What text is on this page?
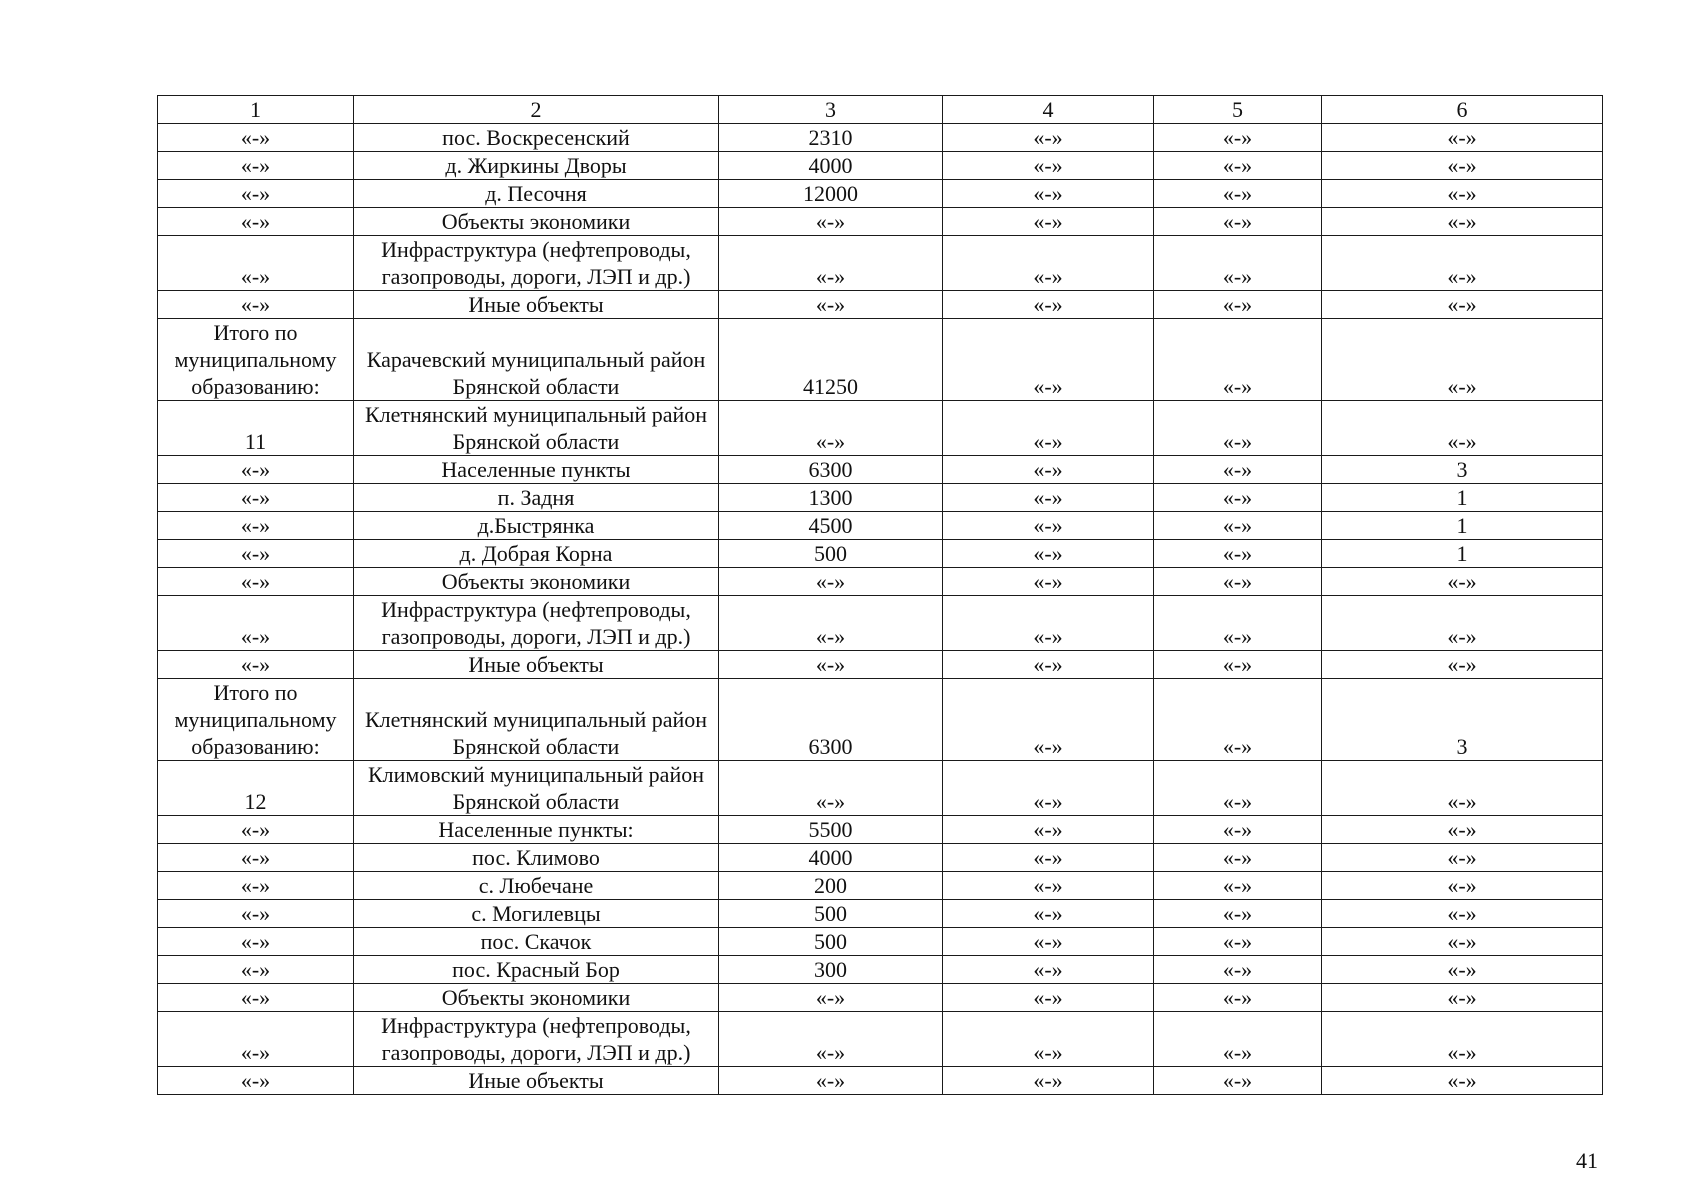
1	2	3	4	5	6
«-»	пос. Воскресенский	2310	«-»	«-»	«-»
«-»	д. Жиркины Дворы	4000	«-»	«-»	«-»
«-»	д. Песочня	12000	«-»	«-»	«-»
«-»	Объекты экономики	«-»	«-»	«-»	«-»
«-»	Инфраструктура (нефтепроводы, газопроводы, дороги, ЛЭП и др.)	«-»	«-»	«-»	«-»
«-»	Иные объекты	«-»	«-»	«-»	«-»
Итого по муниципальному образованию:	Карачевский муниципальный район Брянской области	41250	«-»	«-»	«-»
11	Клетнянский муниципальный район Брянской области	«-»	«-»	«-»	«-»
«-»	Населенные пункты	6300	«-»	«-»	3
«-»	п. Задня	1300	«-»	«-»	1
«-»	д.Быстрянка	4500	«-»	«-»	1
«-»	д. Добрая Корна	500	«-»	«-»	1
«-»	Объекты экономики	«-»	«-»	«-»	«-»
«-»	Инфраструктура (нефтепроводы, газопроводы, дороги, ЛЭП и др.)	«-»	«-»	«-»	«-»
«-»	Иные объекты	«-»	«-»	«-»	«-»
Итого по муниципальному образованию:	Клетнянский муниципальный район Брянской области	6300	«-»	«-»	3
12	Климовский муниципальный район Брянской области	«-»	«-»	«-»	«-»
«-»	Населенные пункты:	5500	«-»	«-»	«-»
«-»	пос. Климово	4000	«-»	«-»	«-»
«-»	с. Любечане	200	«-»	«-»	«-»
«-»	с. Могилевцы	500	«-»	«-»	«-»
«-»	пос. Скачок	500	«-»	«-»	«-»
«-»	пос. Красный Бор	300	«-»	«-»	«-»
«-»	Объекты экономики	«-»	«-»	«-»	«-»
«-»	Инфраструктура (нефтепроводы, газопроводы, дороги, ЛЭП и др.)	«-»	«-»	«-»	«-»
«-»	Иные объекты	«-»	«-»	«-»	«-»
41
